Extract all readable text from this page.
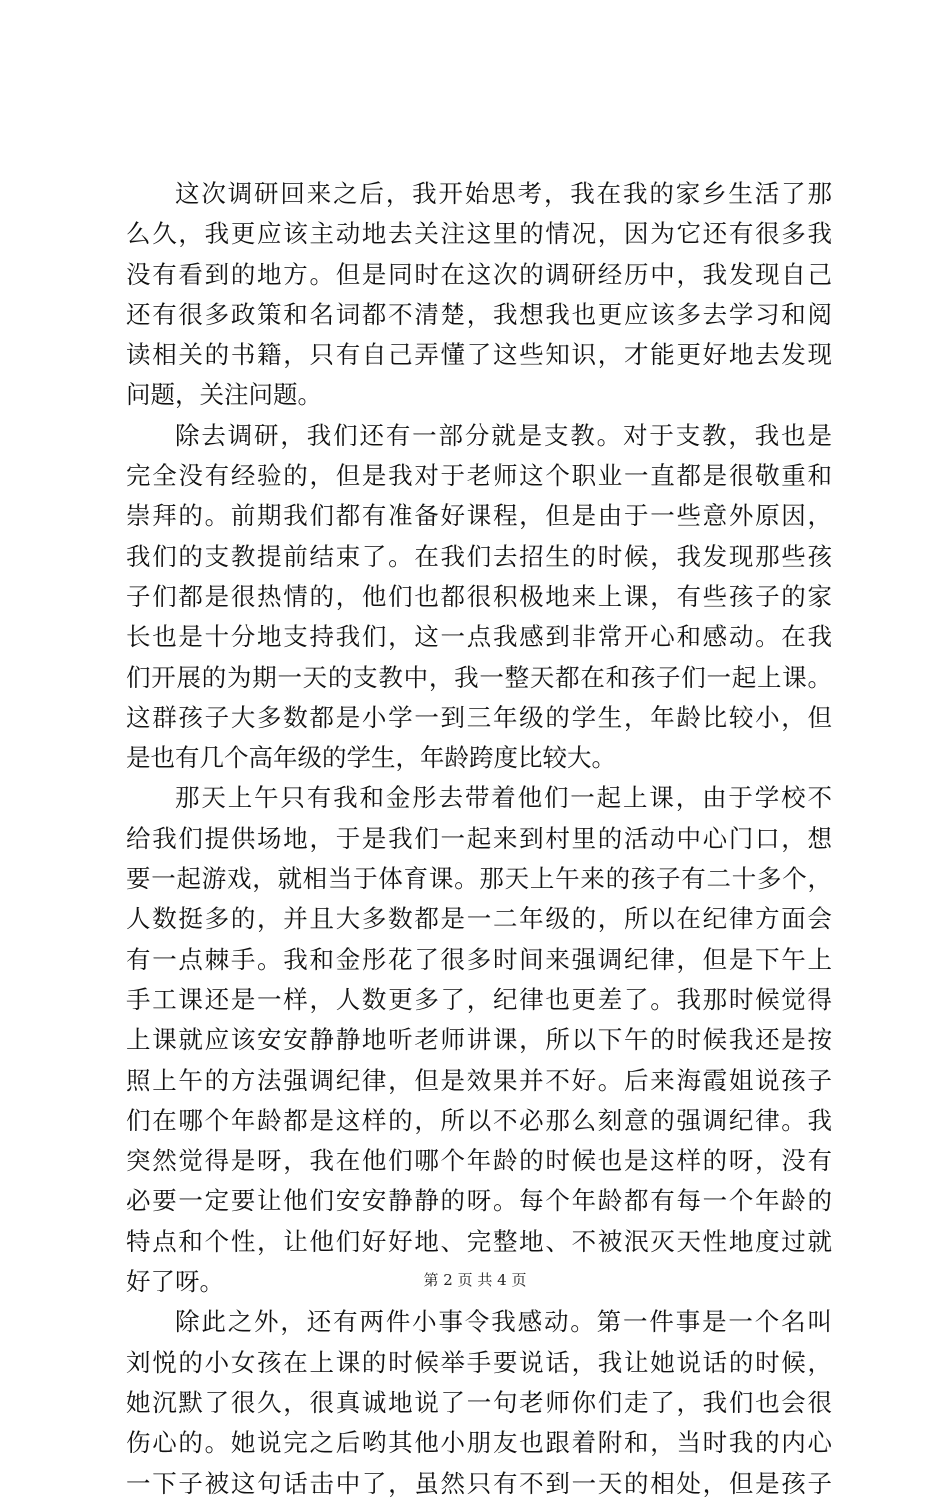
这次调研回来之后，我开始思考，我在我的家乡生活了那
么久，我更应该主动地去关注这里的情况，因为它还有很多我
没有看到的地方。但是同时在这次的调研经历中，我发现自己
还有很多政策和名词都不清楚，我想我也更应该多去学习和阅
读相关的书籍，只有自己弄懂了这些知识，才能更好地去发现
问题，关注问题。
除去调研，我们还有一部分就是支教。对于支教，我也是
完全没有经验的，但是我对于老师这个职业一直都是很敬重和
崇拜的。前期我们都有准备好课程，但是由于一些意外原因，
我们的支教提前结束了。在我们去招生的时候，我发现那些孩
子们都是很热情的，他们也都很积极地来上课，有些孩子的家
长也是十分地支持我们，这一点我感到非常开心和感动。在我
们开展的为期一天的支教中，我一整天都在和孩子们一起上课。
这群孩子大多数都是小学一到三年级的学生，年龄比较小，但
是也有几个高年级的学生，年龄跨度比较大。
那天上午只有我和金彤去带着他们一起上课，由于学校不
给我们提供场地，于是我们一起来到村里的活动中心门口，想
要一起游戏，就相当于体育课。那天上午来的孩子有二十多个，
人数挺多的，并且大多数都是一二年级的，所以在纪律方面会
有一点棘手。我和金彤花了很多时间来强调纪律，但是下午上
手工课还是一样，人数更多了，纪律也更差了。我那时候觉得
上课就应该安安静静地听老师讲课，所以下午的时候我还是按
照上午的方法强调纪律，但是效果并不好。后来海霞姐说孩子
们在哪个年龄都是这样的，所以不必那么刻意的强调纪律。我
突然觉得是呀，我在他们哪个年龄的时候也是这样的呀，没有
必要一定要让他们安安静静的呀。每个年龄都有每一个年龄的
特点和个性，让他们好好地、完整地、不被泯灭天性地度过就
好了呀。
除此之外，还有两件小事令我感动。第一件事是一个名叫
刘悦的小女孩在上课的时候举手要说话，我让她说话的时候，
她沉默了很久，很真诚地说了一句老师你们走了，我们也会很
伤心的。她说完之后哟其他小朋友也跟着附和，当时我的内心
一下子被这句话击中了，虽然只有不到一天的相处，但是孩子
第 2 页 共 4 页
